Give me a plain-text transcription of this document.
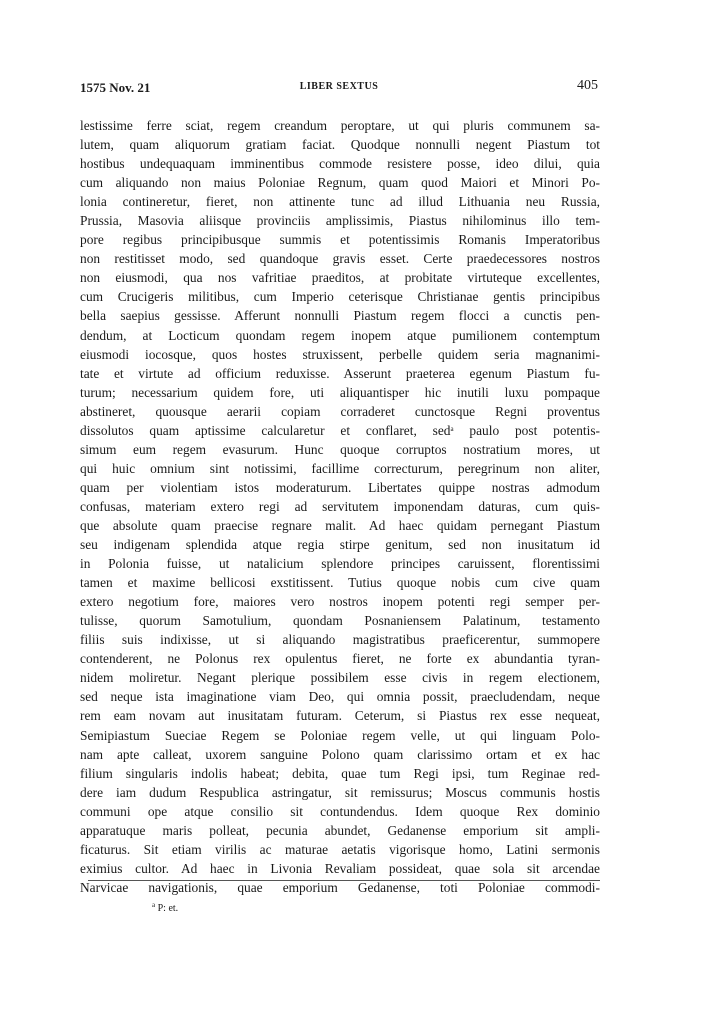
1575 Nov. 21	LIBER SEXTUS	405
lestissime ferre sciat, regem creandum peroptare, ut qui pluris communem sa-
lutem, quam aliquorum gratiam faciat. Quodque nonnulli negent Piastum tot
hostibus undequaquam imminentibus commode resistere posse, ideo dilui, quia
cum aliquando non maius Poloniae Regnum, quam quod Maiori et Minori Po-
lonia contineretur, fieret, non attinente tunc ad illud Lithuania neu Russia,
Prussia, Masovia aliisque provinciis amplissimis, Piastus nihilominus illo tem-
pore regibus principibusque summis et potentissimis Romanis Imperatoribus
non restitisset modo, sed quandoque gravis esset. Certe praedecessores nostros
non eiusmodi, qua nos vafritiae praeditos, at probitate virtuteque excellentes,
cum Crucigeris militibus, cum Imperio ceterisque Christianae gentis principibus
bella saepius gessisse. Afferunt nonnulli Piastum regem flocci a cunctis pen-
dendum, at Locticum quondam regem inopem atque pumilionem contemptum
eiusmodi iocosque, quos hostes struxissent, perbelle quidem seria magnanimi-
tate et virtute ad officium reduxisse. Asserunt praeterea egenum Piastum fu-
turum; necessarium quidem fore, uti aliquantisper hic inutili luxu pompaque
abstineret, quousque aerarii copiam corraderet cunctosque Regni proventus
dissolutos quam aptissime calcularetur et conflaret, sed$^a$ paulo post potentis-
simum eum regem evasurum. Hunc quoque corruptos nostratium mores, ut
qui huic omnium sint notissimi, facillime correcturum, peregrinum non aliter,
quam per violentiam istos moderaturum. Libertates quippe nostras admodum
confusas, materiam extero regi ad servitutem imponendam daturas, cum quis-
que absolute quam praecise regnare malit. Ad haec quidam pernegant Piastum
seu indigenam splendida atque regia stirpe genitum, sed non inusitatum id
in Polonia fuisse, ut natalicium splendore principes caruissent, florentissimi
tamen et maxime bellicosi exstitissent. Tutius quoque nobis cum cive quam
extero negotium fore, maiores vero nostros inopem potenti regi semper per-
tulisse, quorum Samotulium, quondam Posnaniensem Palatinum, testamento
filiis suis indixisse, ut si aliquando magistratibus praeficerentur, summopere
contenderent, ne Polonus rex opulentus fieret, ne forte ex abundantia tyran-
nidem moliretur. Negant plerique possibilem esse civis in regem electionem,
sed neque ista imaginatione viam Deo, qui omnia possit, praecludendam, neque
rem eam novam aut inusitatam futuram. Ceterum, si Piastus rex esse nequeat,
Semipiastum Sueciae Regem se Poloniae regem velle, ut qui linguam Polo-
nam apte calleat, uxorem sanguine Polono quam clarissimo ortam et ex hac
filium singularis indolis habeat; debita, quae tum Regi ipsi, tum Reginae red-
dere iam dudum Respublica astringatur, sit remissurus; Moscus communis hostis
communi ope atque consilio sit contundendus. Idem quoque Rex dominio
apparatuque maris polleat, pecunia abundet, Gedanense emporium sit ampli-
ficaturus. Sit etiam virilis ac maturae aetatis vigorisque homo, Latini sermonis
eximius cultor. Ad haec in Livonia Revaliam possideat, quae sola sit arcendae
Narvicae navigationis, quae emporium Gedanense, toti Poloniae commodi-
$^a$ P: et.
